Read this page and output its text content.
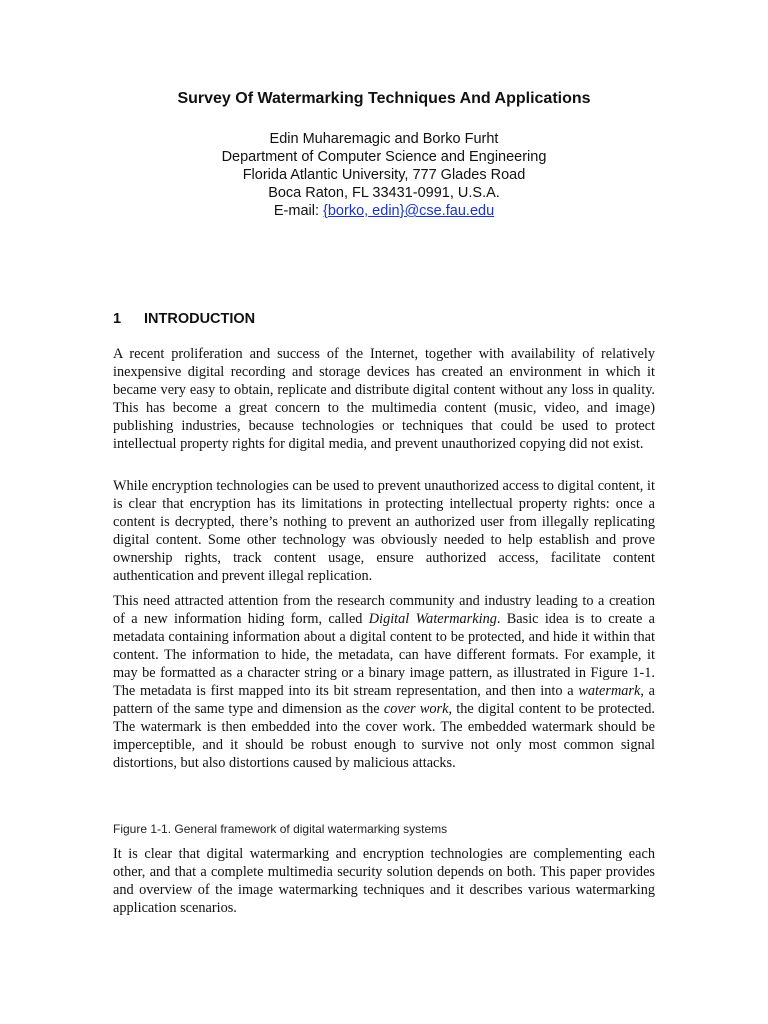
Survey Of Watermarking Techniques And Applications
Edin Muharemagic and Borko Furht
Department of Computer Science and Engineering
Florida Atlantic University, 777 Glades Road
Boca Raton, FL 33431-0991, U.S.A.
E-mail: {borko, edin}@cse.fau.edu
1 INTRODUCTION
A recent proliferation and success of the Internet, together with availability of relatively inexpensive digital recording and storage devices has created an environment in which it became very easy to obtain, replicate and distribute digital content without any loss in quality. This has become a great concern to the multimedia content (music, video, and image) publishing industries, because technologies or techniques that could be used to protect intellectual property rights for digital media, and prevent unauthorized copying did not exist.
While encryption technologies can be used to prevent unauthorized access to digital content, it is clear that encryption has its limitations in protecting intellectual property rights: once a content is decrypted, there’s nothing to prevent an authorized user from illegally replicating digital content. Some other technology was obviously needed to help establish and prove ownership rights, track content usage, ensure authorized access, facilitate content authentication and prevent illegal replication.
This need attracted attention from the research community and industry leading to a creation of a new information hiding form, called Digital Watermarking. Basic idea is to create a metadata containing information about a digital content to be protected, and hide it within that content. The information to hide, the metadata, can have different formats. For example, it may be formatted as a character string or a binary image pattern, as illustrated in Figure 1-1. The metadata is first mapped into its bit stream representation, and then into a watermark, a pattern of the same type and dimension as the cover work, the digital content to be protected. The watermark is then embedded into the cover work. The embedded watermark should be imperceptible, and it should be robust enough to survive not only most common signal distortions, but also distortions caused by malicious attacks.
Figure 1-1. General framework of digital watermarking systems
It is clear that digital watermarking and encryption technologies are complementing each other, and that a complete multimedia security solution depends on both. This paper provides and overview of the image watermarking techniques and it describes various watermarking application scenarios.
